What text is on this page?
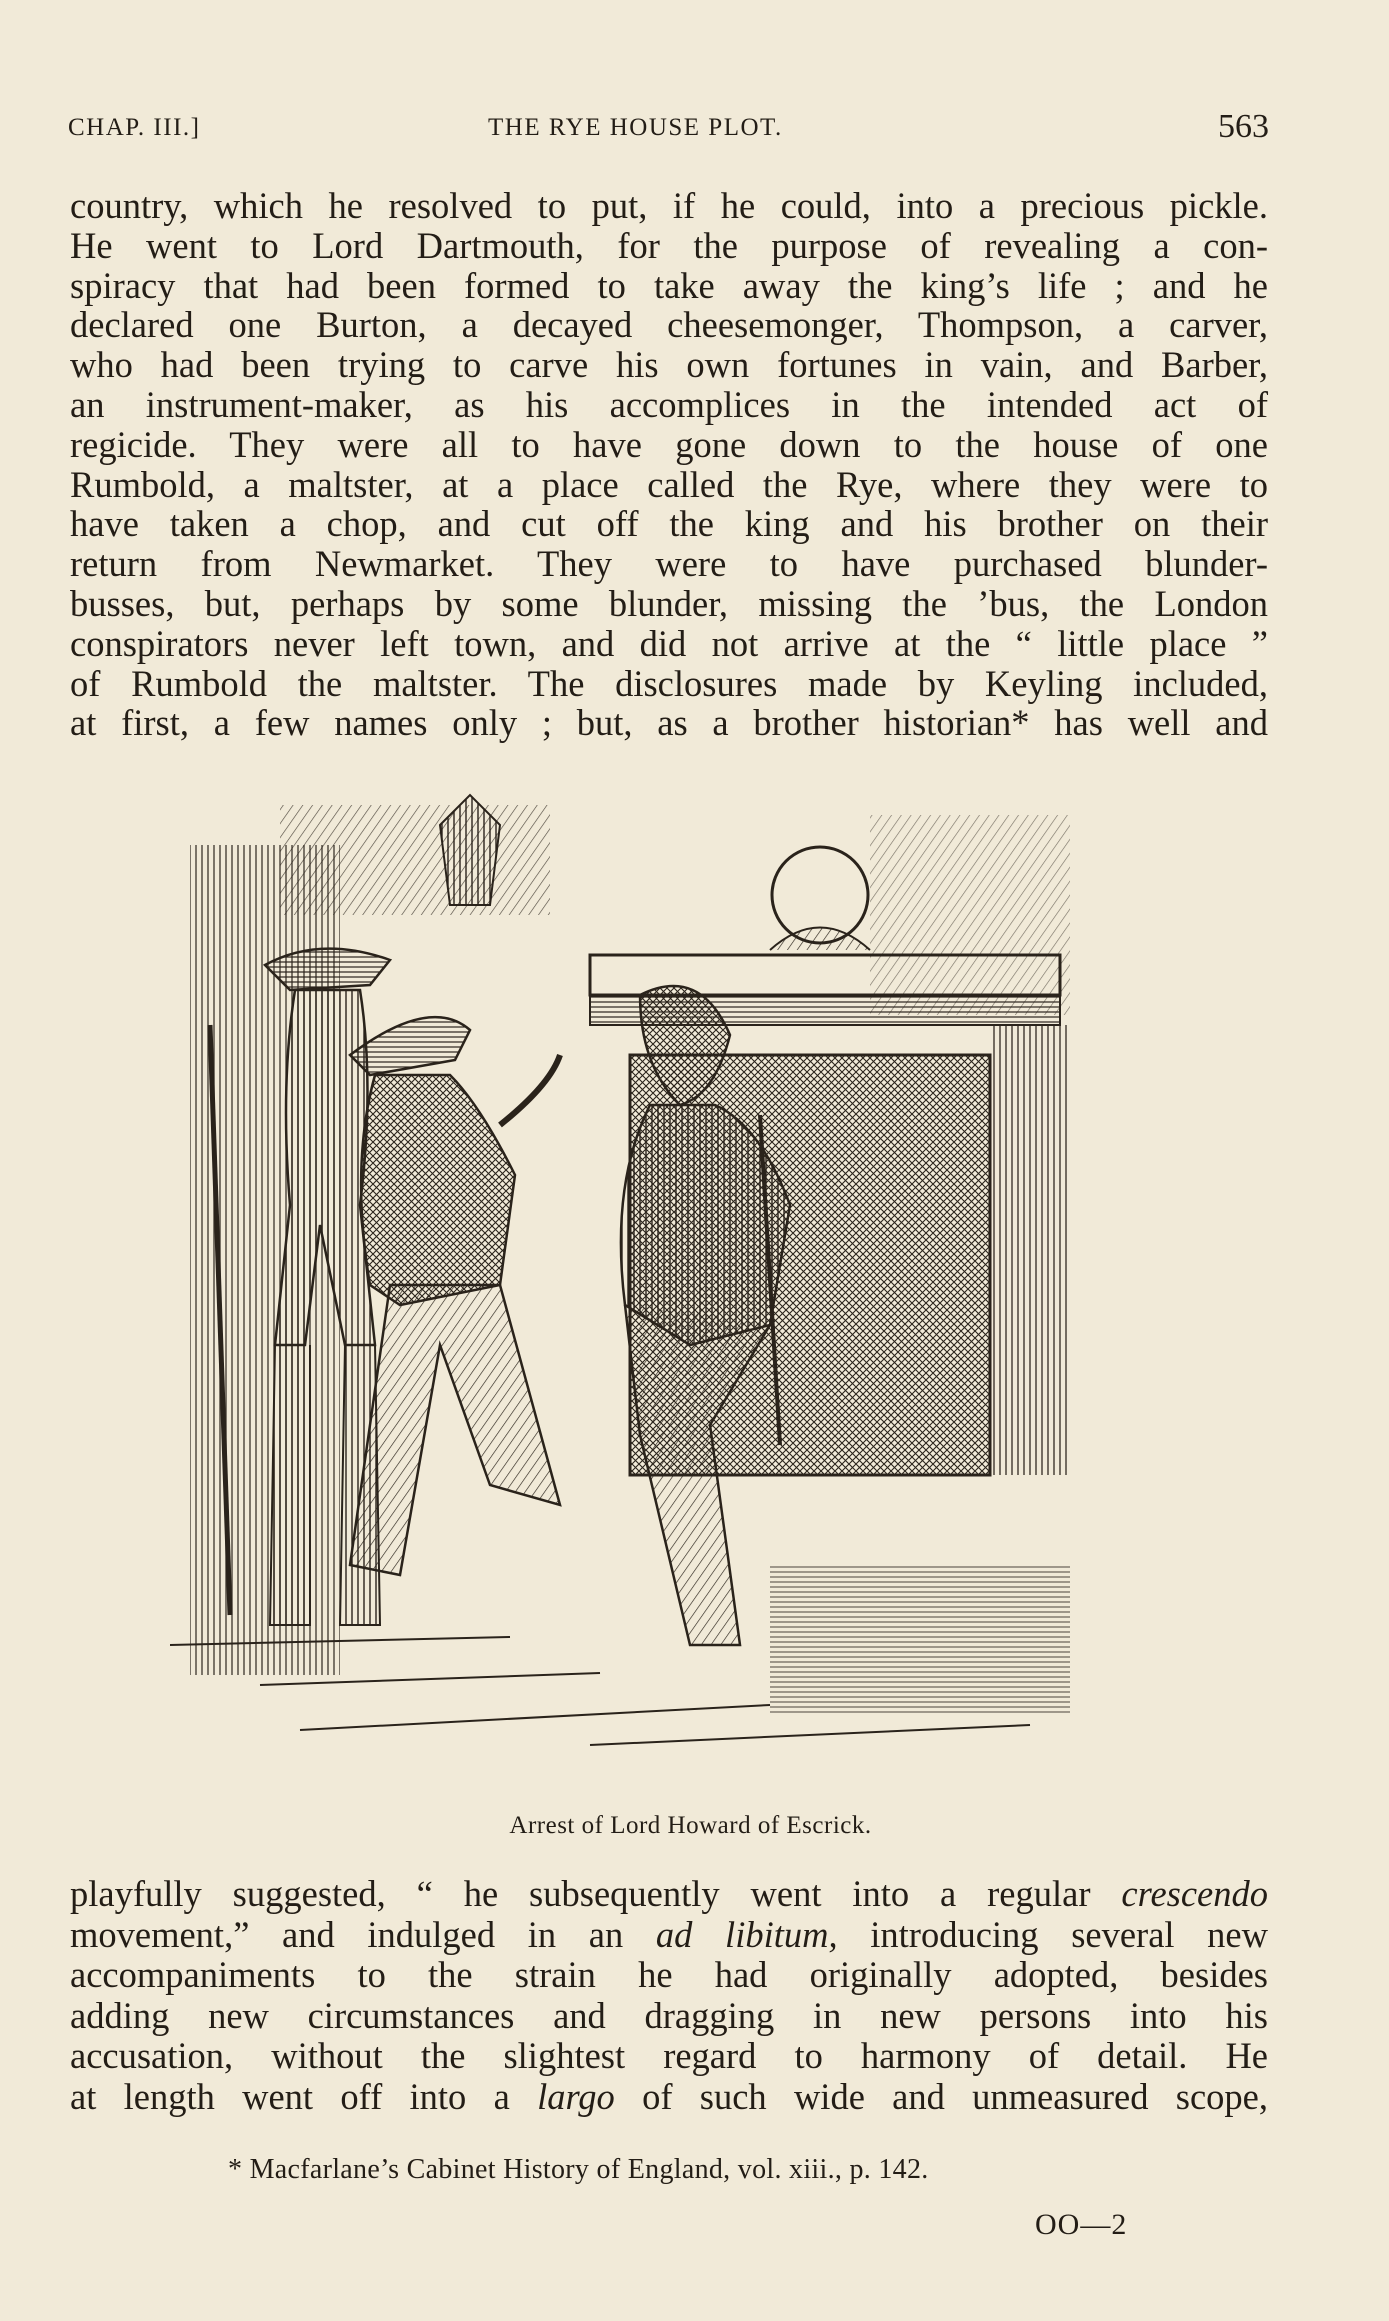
CHAP. III.]	THE RYE HOUSE PLOT.	563
country, which he resolved to put, if he could, into a precious pickle.
He went to Lord Dartmouth, for the purpose of revealing a con-
spiracy that had been formed to take away the king’s life ; and he
declared one Burton, a decayed cheesemonger, Thompson, a carver,
who had been trying to carve his own fortunes in vain, and Barber,
an instrument-maker, as his accomplices in the intended act of
regicide. They were all to have gone down to the house of one
Rumbold, a maltster, at a place called the Rye, where they were to
have taken a chop, and cut off the king and his brother on their
return from Newmarket. They were to have purchased blunder-
busses, but, perhaps by some blunder, missing the ’bus, the London
conspirators never left town, and did not arrive at the “ little place ”
of Rumbold the maltster. The disclosures made by Keyling included,
at first, a few names only ; but, as a brother historian* has well and
Arrest of Lord Howard of Escrick.
playfully suggested, “ he subsequently went into a regular crescendo
movement,” and indulged in an ad libitum, introducing several new
accompaniments to the strain he had originally adopted, besides
adding new circumstances and dragging in new persons into his
accusation, without the slightest regard to harmony of detail. He
at length went off into a largo of such wide and unmeasured scope,
* Macfarlane’s Cabinet History of England, vol. xiii., p. 142.
OO—2
